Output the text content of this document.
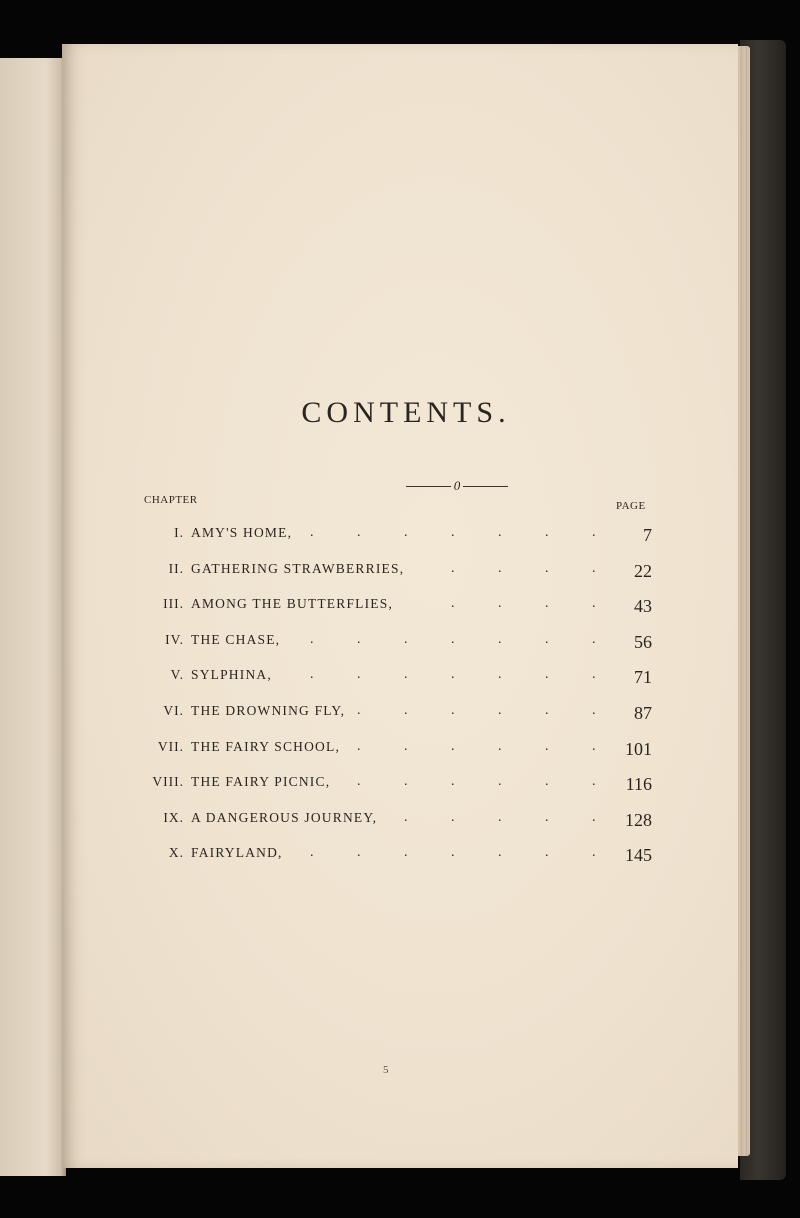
CONTENTS.
0
CHAPTER	PAGE
I. AMY'S HOME,	7
.	.	.	.	.	.	.
II. GATHERING STRAWBERRIES,	22
.	.	.	.
III. AMONG THE BUTTERFLIES,	43
.	.	.	.
IV. THE CHASE,	56
.	.	.	.	.	.	.
V. SYLPHINA,	71
.	.	.	.	.	.	.
VI. THE DROWNING FLY,	87
.	.	.	.	.	.
VII. THE FAIRY SCHOOL,	101
.	.	.	.	.	.
VIII. THE FAIRY PICNIC,	116
.	.	.	.	.	.
IX. A DANGEROUS JOURNEY,	128
.	.	.	.	.
X. FAIRYLAND,	145
.	.	.	.	.	.	.
5
